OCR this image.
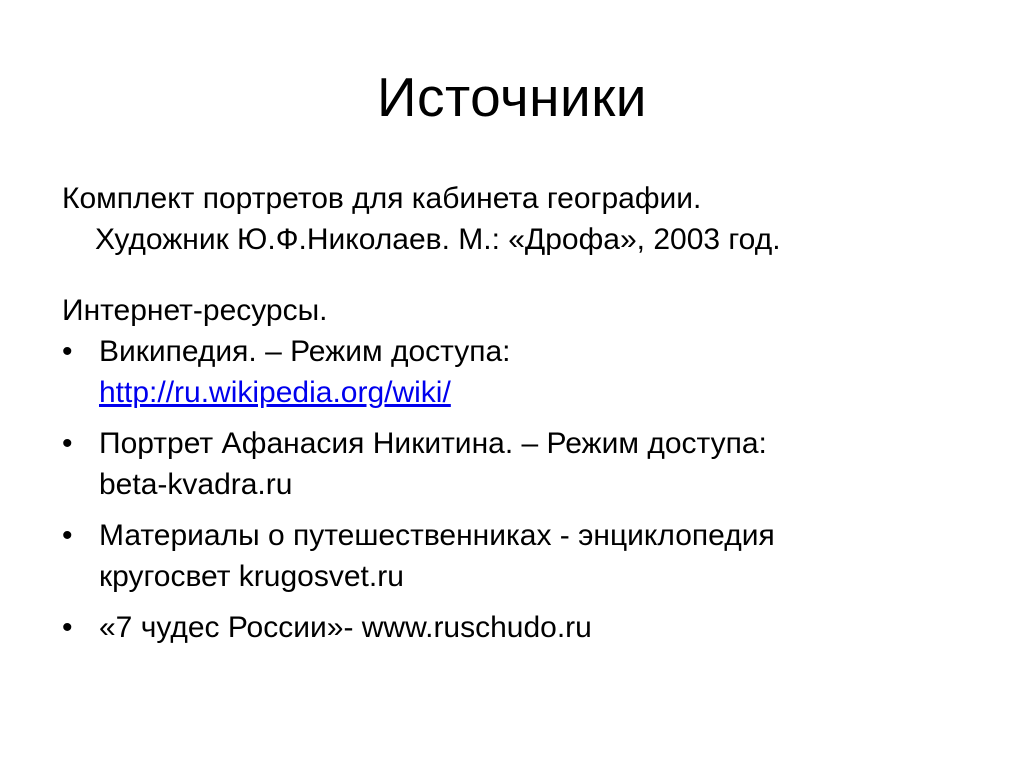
Источники

Комплект портретов для кабинета географии.
Художник Ю.Ф.Николаев. М.: «Дрофа», 2003 год.

Интернет-ресурсы.

• Википедия. – Режим доступа:
http://ru.wikipedia.org/wiki/
• Портрет Афанасия Никитина. – Режим доступа:
beta-kvadra.ru
• Материалы о путешественниках - энциклопедия
кругосвет krugosvet.ru
• «7 чудес России»- www.ruschudo.ru
